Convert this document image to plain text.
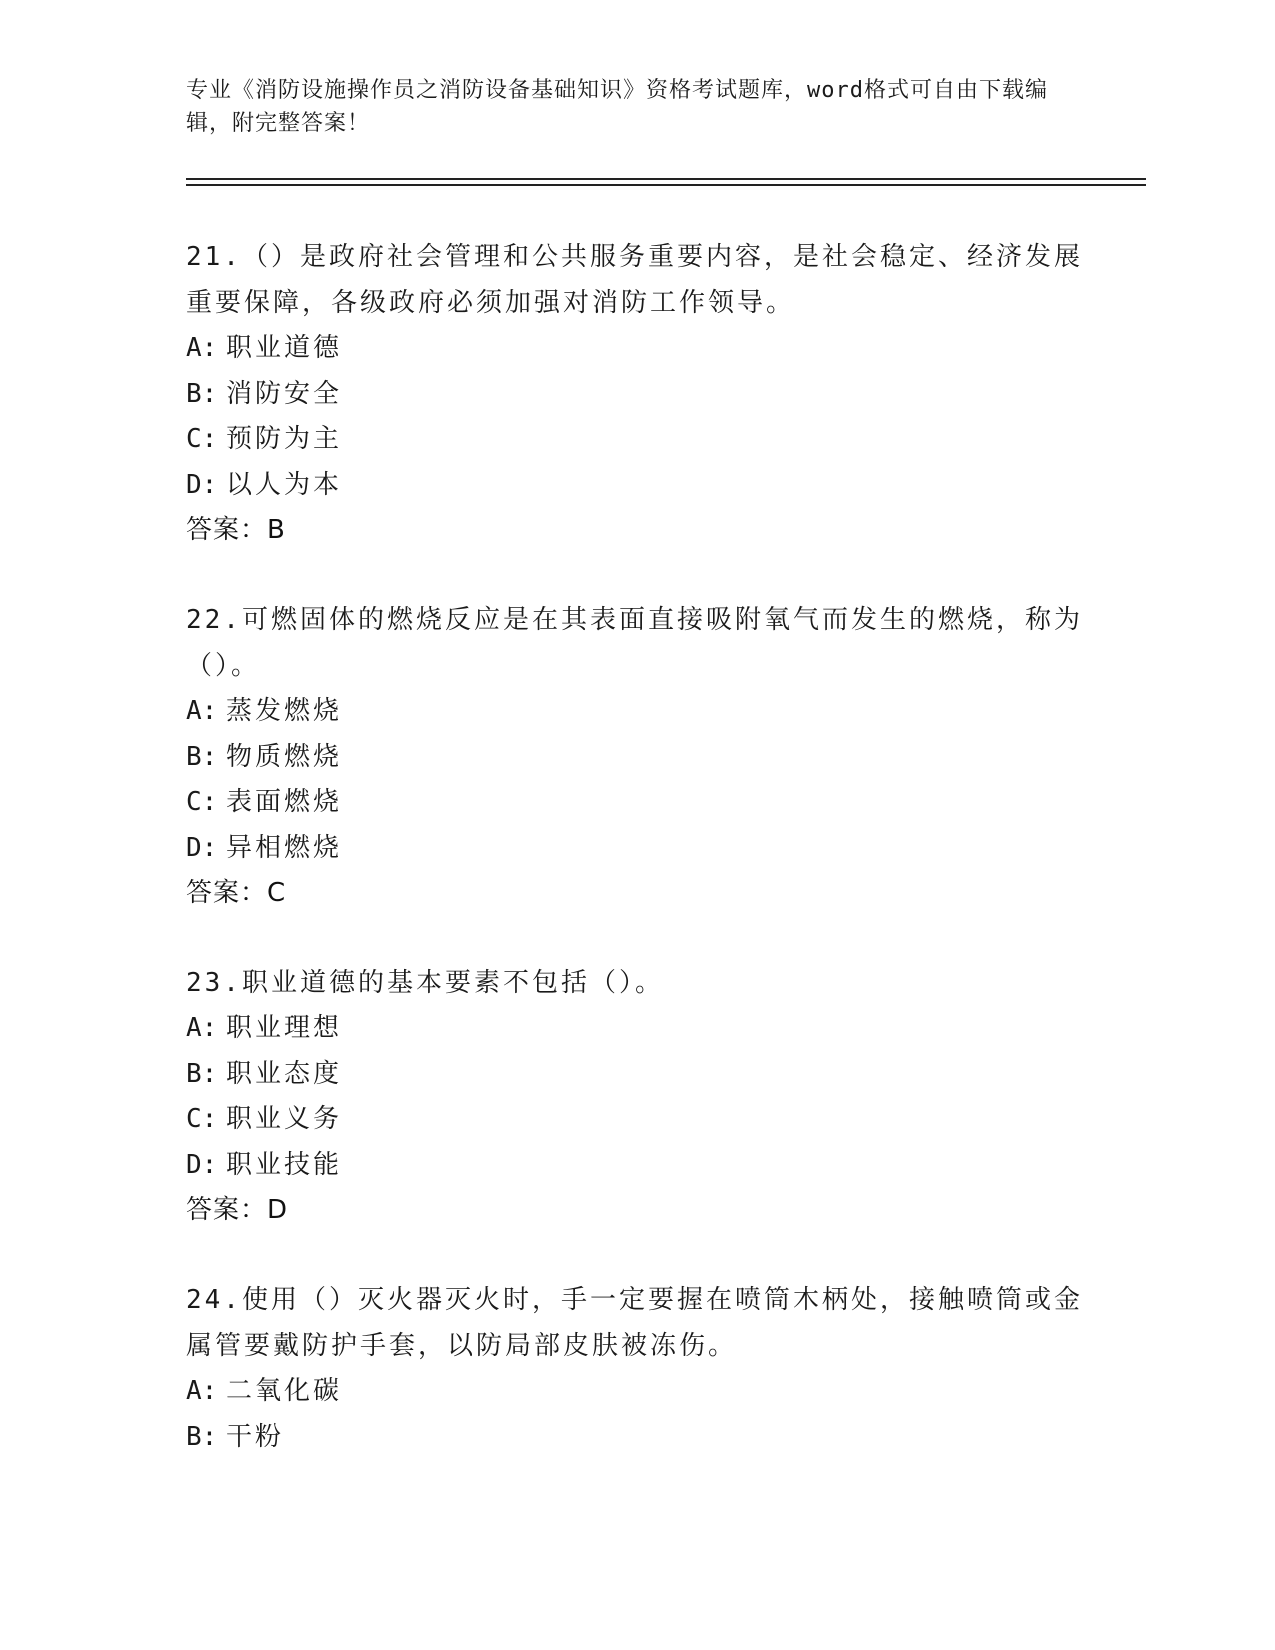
专业《消防设施操作员之消防设备基础知识》资格考试题库，word格式可自由下载编辑，附完整答案！

21.（）是政府社会管理和公共服务重要内容，是社会稳定、经济发展重要保障，各级政府必须加强对消防工作领导。

A: 职业道德

B: 消防安全

C: 预防为主

D: 以人为本

答案：B

22.可燃固体的燃烧反应是在其表面直接吸附氧气而发生的燃烧，称为（）。

A: 蒸发燃烧

B: 物质燃烧

C: 表面燃烧

D: 异相燃烧

答案：C

23.职业道德的基本要素不包括（）。

A: 职业理想

B: 职业态度

C: 职业义务

D: 职业技能

答案：D

24.使用（）灭火器灭火时，手一定要握在喷筒木柄处，接触喷筒或金属管要戴防护手套，以防局部皮肤被冻伤。

A: 二氧化碳

B: 干粉
